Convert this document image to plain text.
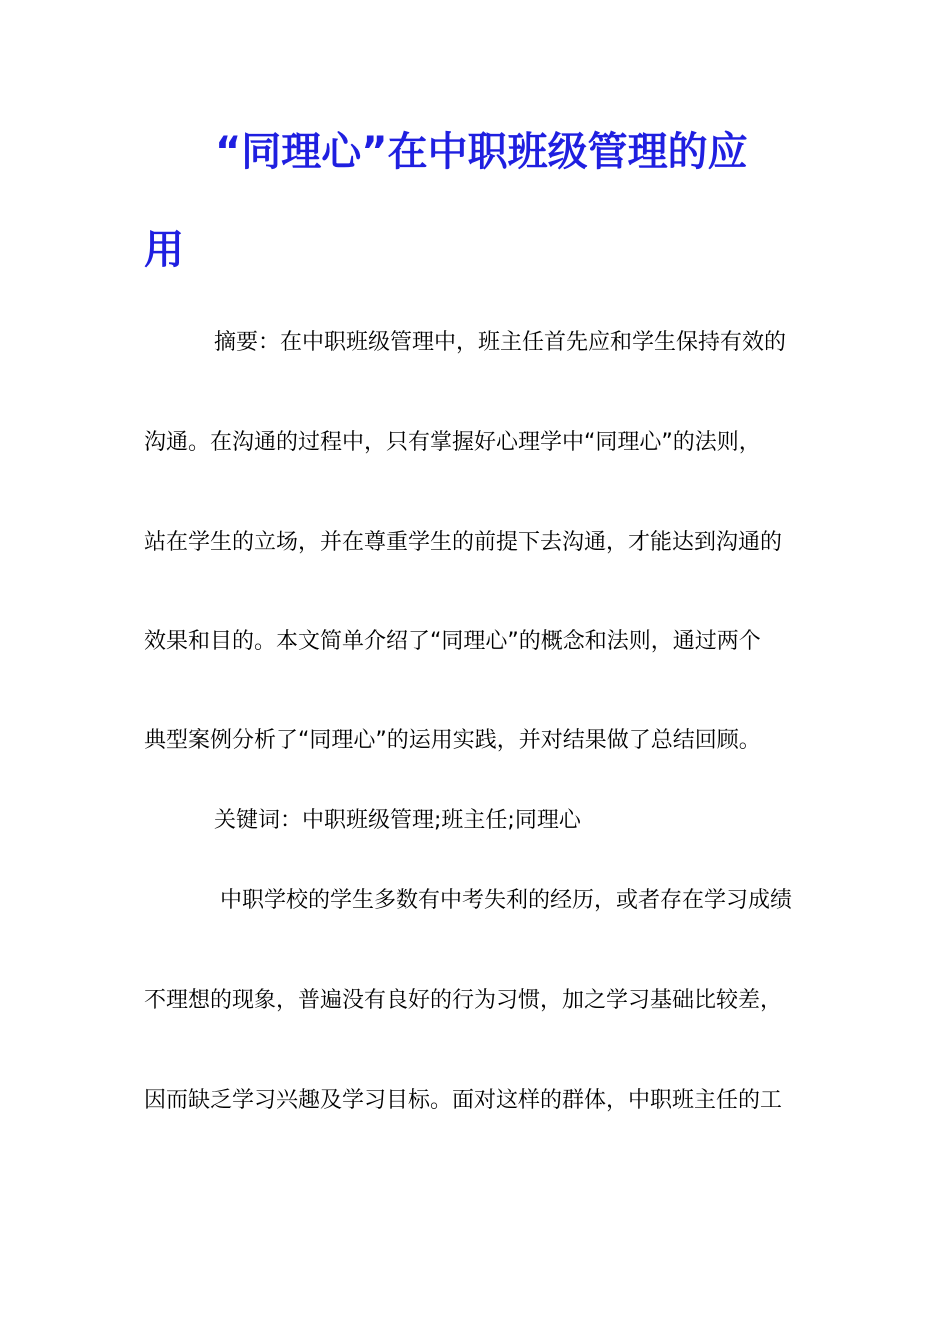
“同理心”在中职班级管理的应
用
摘要：在中职班级管理中，班主任首先应和学生保持有效的
沟通。在沟通的过程中，只有掌握好心理学中“同理心”的法则，
站在学生的立场，并在尊重学生的前提下去沟通，才能达到沟通的
效果和目的。本文简单介绍了“同理心”的概念和法则，通过两个
典型案例分析了“同理心”的运用实践，并对结果做了总结回顾。
关键词：中职班级管理;班主任;同理心
中职学校的学生多数有中考失利的经历，或者存在学习成绩
不理想的现象，普遍没有良好的行为习惯，加之学习基础比较差，
因而缺乏学习兴趣及学习目标。面对这样的群体，中职班主任的工
